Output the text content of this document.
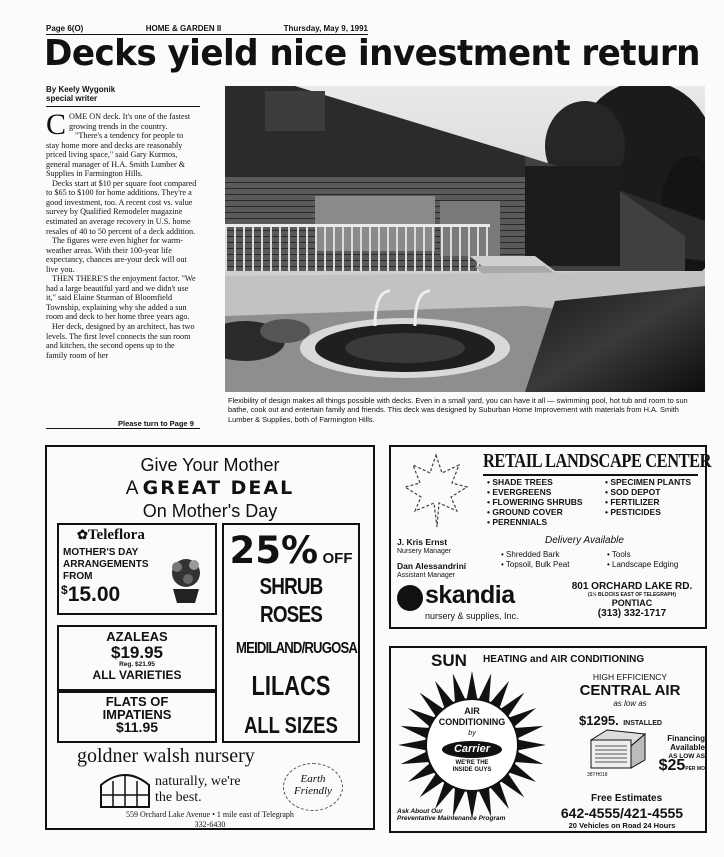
Page 6(O)	HOME & GARDEN II	Thursday, May 9, 1991
Decks yield nice investment return
By Keely Wygonik
special writer

COME ON deck. It's one of the fastest growing trends in the country.

"There's a tendency for people to stay home more and decks are reasonably priced living space," said Gary Kurmos, general manager of H.A. Smith Lumber & Supplies in Farmington Hills.

Decks start at $10 per square foot compared to $65 to $100 for home additions. They're a good investment, too. A recent cost vs. value survey by Qualified Remodeler magazine estimated an average recovery in U.S. home resales of 40 to 50 percent of a deck addition.

The figures were even higher for warm-weather areas. With their 100-year life expectancy, chances are-your deck will out live you.

THEN THERE'S the enjoyment factor. "We had a large beautiful yard and we didn't use it," said Elaine Sturman of Bloomfield Township, explaining why she added a sun room and deck to her home three years ago.

Her deck, designed by an architect, has two levels. The first level connects the sun room and kitchen, the second opens up to the family room of her

Please turn to Page 9
Flexibility of design makes all things possible with decks. Even in a small yard, you can have it all — swimming pool, hot tub and room to sun bathe, cook out and entertain family and friends. This deck was designed by Suburban Home Improvement with materials from H.A. Smith Lumber & Supplies, both of Farmington Hills.
Give Your Mother
A GREAT DEAL
On Mother's Day
✿Teleflora
MOTHER'S DAY
ARRANGEMENTS
FROM
$15.00
AZALEAS
$19.95
Reg. $21.95
ALL VARIETIES
FLATS OF
IMPATIENS
$11.95
25% OFF
SHRUB ROSES
MEIDILAND/RUGOSA
LILACS
ALL SIZES
goldner walsh nursery
naturally, we're
the best.
Earth
Friendly
559 Orchard Lake Avenue • 1 mile east of Telegraph
332-6430
RETAIL LANDSCAPE CENTER
• SHADE TREES
• EVERGREENS
• FLOWERING SHRUBS
• GROUND COVER
• PERENNIALS
• SPECIMEN PLANTS
• SOD DEPOT
• FERTILIZER
• PESTICIDES
J. Kris Ernst
Nursery Manager
Dan Alessandrini
Assistant Manager
Delivery Available
• Shredded Bark
• Topsoil, Bulk Peat
• Tools
• Landscape Edging
skandia
nursery & supplies, Inc.
801 ORCHARD LAKE RD.
(1½ BLOCKS EAST OF TELEGRAPH)
PONTIAC
(313) 332-1717
SUN HEATING and AIR CONDITIONING
AIR
CONDITIONING
by
Carrier
WE'RE THE
INSIDE GUYS
HIGH EFFICIENCY
CENTRAL AIR
as low as
$1295. INSTALLED
38TH018
Financing
Available
AS LOW AS
$25PER MO
Free Estimates
Ask About Our
Preventative Maintenance Program	642-4555/421-4555
20 Vehicles on Road 24 Hours
